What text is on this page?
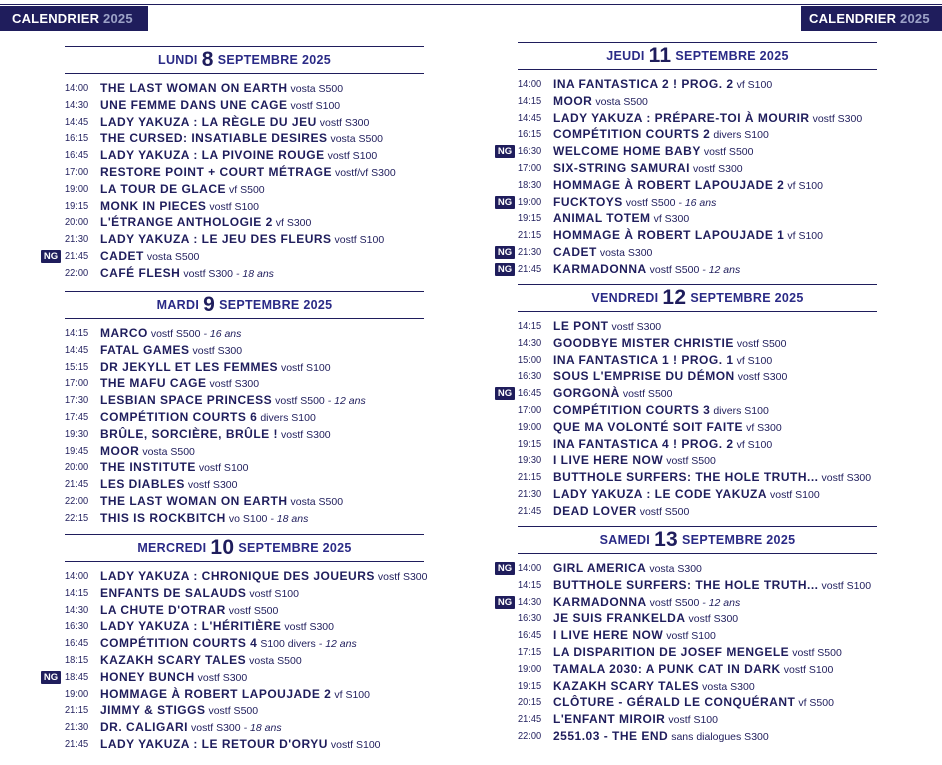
CALENDRIER 2025	CALENDRIER 2025
LUNDI 8 SEPTEMBRE 2025
14:00 THE LAST WOMAN ON EARTH vosta S500
14:30 UNE FEMME DANS UNE CAGE vostf S100
14:45 LADY YAKUZA : LA RÈGLE DU JEU vostf S300
16:15 THE CURSED: INSATIABLE DESIRES vosta S500
16:45 LADY YAKUZA : LA PIVOINE ROUGE vostf S100
17:00 RESTORE POINT + COURT MÉTRAGE vostf/vf S300
19:00 LA TOUR DE GLACE vf S500
19:15 MONK IN PIECES vostf S100
20:00 L'ÉTRANGE ANTHOLOGIE 2 vf S300
21:30 LADY YAKUZA : LE JEU DES FLEURS vostf S100
NG 21:45 CADET vosta S500
22:00 CAFÉ FLESH vostf S300 - 18 ans
MARDI 9 SEPTEMBRE 2025
14:15 MARCO vostf S500 - 16 ans
14:45 FATAL GAMES vostf S300
15:15 DR JEKYLL ET LES FEMMES vostf S100
17:00 THE MAFU CAGE vostf S300
17:30 LESBIAN SPACE PRINCESS vostf S500 - 12 ans
17:45 COMPÉTITION COURTS 6 divers S100
19:30 BRÛLE, SORCIÈRE, BRÛLE ! vostf S300
19:45 MOOR vosta S500
20:00 THE INSTITUTE vostf S100
21:45 LES DIABLES vostf S300
22:00 THE LAST WOMAN ON EARTH vosta S500
22:15 THIS IS ROCKBITCH vo S100 - 18 ans
MERCREDI 10 SEPTEMBRE 2025
14:00 LADY YAKUZA : CHRONIQUE DES JOUEURS vostf S300
14:15 ENFANTS DE SALAUDS vostf S100
14:30 LA CHUTE D'OTRAR vostf S500
16:30 LADY YAKUZA : L'HÉRITIÈRE vostf S300
16:45 COMPÉTITION COURTS 4 S100 divers - 12 ans
18:15 KAZAKH SCARY TALES vosta S500
NG 18:45 HONEY BUNCH vostf S300
19:00 HOMMAGE À ROBERT LAPOUJADE 2 vf S100
21:15 JIMMY & STIGGS vostf S500
21:30 DR. CALIGARI vostf S300 - 18 ans
21:45 LADY YAKUZA : LE RETOUR D'ORYU vostf S100
JEUDI 11 SEPTEMBRE 2025
14:00 INA FANTASTICA 2 ! PROG. 2 vf S100
14:15 MOOR vosta S500
14:45 LADY YAKUZA : PRÉPARE-TOI À MOURIR vostf S300
16:15 COMPÉTITION COURTS 2 divers S100
NG 16:30 WELCOME HOME BABY vostf S500
17:00 SIX-STRING SAMURAI vostf S300
18:30 HOMMAGE À ROBERT LAPOUJADE 2 vf S100
NG 19:00 FUCKTOYS vostf S500 - 16 ans
19:15 ANIMAL TOTEM vf S300
21:15 HOMMAGE À ROBERT LAPOUJADE 1 vf S100
NG 21:30 CADET vosta S300
NG 21:45 KARMADONNA vostf S500 - 12 ans
VENDREDI 12 SEPTEMBRE 2025
14:15 LE PONT vostf S300
14:30 GOODBYE MISTER CHRISTIE vostf S500
15:00 INA FANTASTICA 1 ! PROG. 1 vf S100
16:30 SOUS L'EMPRISE DU DÉMON vostf S300
NG 16:45 GORGONÀ vostf S500
17:00 COMPÉTITION COURTS 3 divers S100
19:00 QUE MA VOLONTÉ SOIT FAITE vf S300
19:15 INA FANTASTICA 4 ! PROG. 2 vf S100
19:30 I LIVE HERE NOW vostf S500
21:15 BUTTHOLE SURFERS: THE HOLE TRUTH... vostf S300
21:30 LADY YAKUZA : LE CODE YAKUZA vostf S100
21:45 DEAD LOVER vostf S500
SAMEDI 13 SEPTEMBRE 2025
NG 14:00 GIRL AMERICA vosta S300
14:15 BUTTHOLE SURFERS: THE HOLE TRUTH... vostf S100
NG 14:30 KARMADONNA vostf S500 - 12 ans
16:30 JE SUIS FRANKELDA vostf S300
16:45 I LIVE HERE NOW vostf S100
17:15 LA DISPARITION DE JOSEF MENGELE vostf S500
19:00 TAMALA 2030: A PUNK CAT IN DARK vostf S100
19:15 KAZAKH SCARY TALES vosta S300
20:15 CLÔTURE - GÉRALD LE CONQUÉRANT vf S500
21:45 L'ENFANT MIROIR vostf S100
22:00 2551.03 - THE END sans dialogues S300
